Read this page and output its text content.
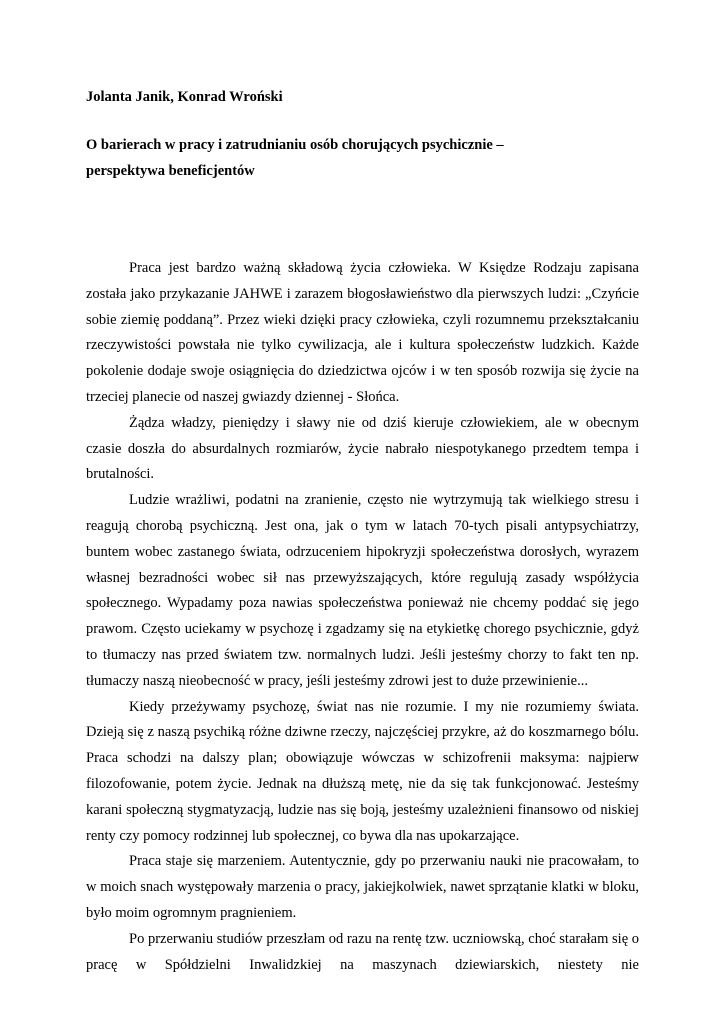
Jolanta Janik, Konrad Wroński

O barierach w pracy i zatrudnianiu osób chorujących psychicznie –
perspektywa beneficjentów

Praca jest bardzo ważną składową życia człowieka. W Księdze Rodzaju zapisana została jako przykazanie JAHWE i zarazem błogosławieństwo dla pierwszych ludzi: „Czyńcie sobie ziemię poddaną”. Przez wieki dzięki pracy człowieka, czyli rozumnemu przekształcaniu rzeczywistości powstała nie tylko cywilizacja, ale i kultura społeczeństw ludzkich. Każde pokolenie dodaje swoje osiągnięcia do dziedzictwa ojców i w ten sposób rozwija się życie na trzeciej planecie od naszej gwiazdy dziennej - Słońca.

Żądza władzy, pieniędzy i sławy nie od dziś kieruje człowiekiem, ale w obecnym czasie doszła do absurdalnych rozmiarów, życie nabrało niespotykanego przedtem tempa i brutalności.

Ludzie wrażliwi, podatni na zranienie, często nie wytrzymują tak wielkiego stresu i reagują chorobą psychiczną. Jest ona, jak o tym w latach 70-tych pisali antypsychiatrzy, buntem wobec zastanego świata, odrzuceniem hipokryzji społeczeństwa dorosłych, wyrazem własnej bezradności wobec sił nas przewyższających, które regulują zasady współżycia społecznego. Wypadamy poza nawias społeczeństwa ponieważ nie chcemy poddać się jego prawom. Często uciekamy w psychozę i zgadzamy się na etykietkę chorego psychicznie, gdyż to tłumaczy nas przed światem tzw. normalnych ludzi. Jeśli jesteśmy chorzy to fakt ten np. tłumaczy naszą nieobecność w pracy, jeśli jesteśmy zdrowi jest to duże przewinienie...

Kiedy przeżywamy psychozę, świat nas nie rozumie. I my nie rozumiemy świata. Dzieją się z naszą psychiką różne dziwne rzeczy, najczęściej przykre, aż do koszmarnego bólu. Praca schodzi na dalszy plan; obowiązuje wówczas w schizofrenii maksyma: najpierw filozofowanie, potem życie. Jednak na dłuższą metę, nie da się tak funkcjonować. Jesteśmy karani społeczną stygmatyzacją, ludzie nas się boją, jesteśmy uzależnieni finansowo od niskiej renty czy pomocy rodzinnej lub społecznej, co bywa dla nas upokarzające.

Praca staje się marzeniem. Autentycznie, gdy po przerwaniu nauki nie pracowałam, to w moich snach występowały marzenia o pracy, jakiejkolwiek, nawet sprzątanie klatki w bloku, było moim ogromnym pragnieniem.

Po przerwaniu studiów przeszłam od razu na rentę tzw. uczniowską, choć starałam się o pracę w Spółdzielni Inwalidzkiej na maszynach dziewiarskich, niestety nie
